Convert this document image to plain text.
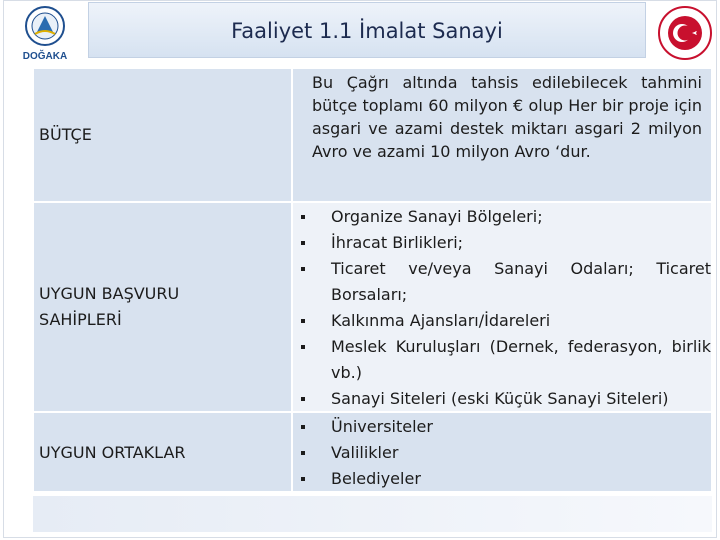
DOĞAKA
Faaliyet 1.1 İmalat Sanayi
BÜTÇE
UYGUN BAŞVURU SAHİPLERİ
UYGUN ORTAKLAR
Bu Çağrı altında tahsis edilebilecek tahmini bütçe toplamı 60 milyon € olup Her bir proje için asgari ve azami destek miktarı asgari 2 milyon Avro ve azami 10 milyon Avro ‘dur.
Organize Sanayi Bölgeleri;
İhracat Birlikleri;
Ticaret ve/veya Sanayi Odaları; Ticaret Borsaları;
Kalkınma Ajansları/İdareleri
Meslek Kuruluşları (Dernek, federasyon, birlik vb.)
Sanayi Siteleri (eski Küçük Sanayi Siteleri)
Üniversiteler
Valilikler
Belediyeler
